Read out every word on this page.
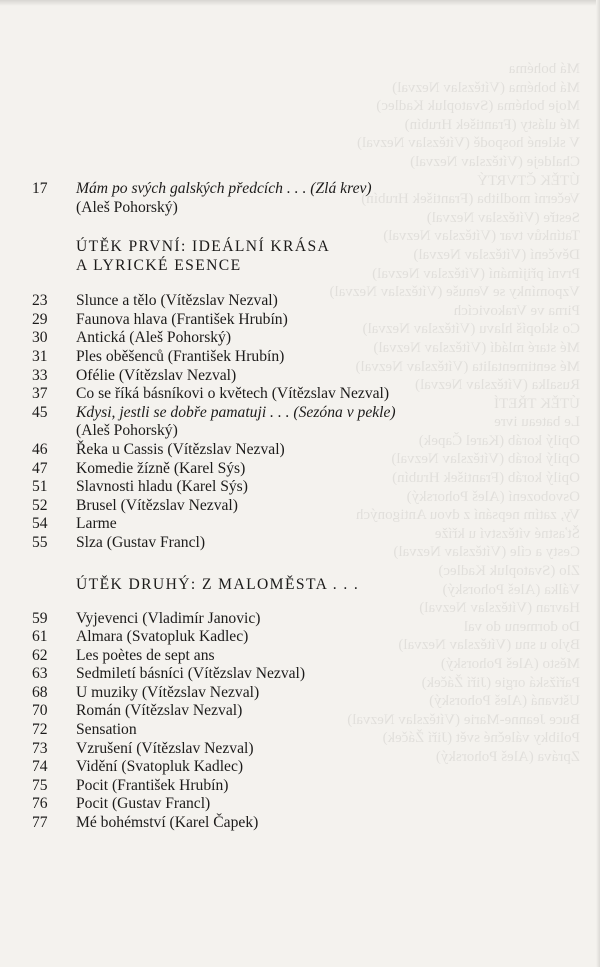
Má bohéma
Má bohéma (Vítězslav Nezval)
Moje bohéma (Svatopluk Kadlec)
Mé ulásty (František Hrubín)
V sklené hospodě (Vítězslav Nezval)
Chaldeje (Vítězslav Nezval)
ÚTĚK ČTVRTÝ
Večerní modlitba (František Hrubín)
Sestře (Vítězslav Nezval)
Tatínkův tvar (Vítězslav Nezval)
Děvčení (Vítězslav Nezval)
První přijímání (Vítězslav Nezval)
Vzpomínky se Venuše (Vítězslav Nezval)
Pirna ve Vrakovicích
Co sklopíš hlavu (Vítězslav Nezval)
Mé staré mládí (Vítězslav Nezval)
Mé sentimentalita (Vítězslav Nezval)
Rusalka (Vítězslav Nezval)
ÚTĚK TŘETÍ
Le bateau ivre
Opilý koráb (Karel Čapek)
Opilý koráb (Vítězslav Nezval)
Opilý koráb (František Hrubín)
Osvobození (Aleš Pohorský)
Vy, zatím nepsání z dvou Antigoných
Šťastné vítězství u kříže
Cesty a cíle (Vítězslav Nezval)
Zlo (Svatopluk Kadlec)
Válka (Aleš Pohorský)
Havran (Vítězslav Nezval)
Do dormenu do val
Bylo u snu (Vítězslav Nezval)
Město (Aleš Pohorský)
Pařížská orgie (Jiří Žáček)
Uštvaná (Aleš Pohorský)
Buce Jeanne-Marie (Vítězslav Nezval)
Polibky válečné svět (Jiří Žáček)
Zpráva (Aleš Pohorský)
17	Mám po svých galských předcích . . . (Zlá krev)
(Aleš Pohorský)
ÚTĚK PRVNÍ: IDEÁLNÍ KRÁSA
A LYRICKÉ ESENCE
23	Slunce a tělo (Vítězslav Nezval)
29	Faunova hlava (František Hrubín)
30	Antická (Aleš Pohorský)
31	Ples oběšenců (František Hrubín)
33	Ofélie (Vítězslav Nezval)
37	Co se říká básníkovi o květech (Vítězslav Nezval)
45	Kdysi, jestli se dobře pamatuji . . . (Sezóna v pekle)
(Aleš Pohorský)
46	Řeka u Cassis (Vítězslav Nezval)
47	Komedie žízně (Karel Sýs)
51	Slavnosti hladu (Karel Sýs)
52	Brusel (Vítězslav Nezval)
54	Larme
55	Slza (Gustav Francl)
ÚTĚK DRUHÝ: Z MALOMĚSTA . . .
59	Vyjevenci (Vladimír Janovic)
61	Almara (Svatopluk Kadlec)
62	Les poètes de sept ans
63	Sedmiletí básníci (Vítězslav Nezval)
68	U muziky (Vítězslav Nezval)
70	Román (Vítězslav Nezval)
72	Sensation
73	Vzrušení (Vítězslav Nezval)
74	Vidění (Svatopluk Kadlec)
75	Pocit (František Hrubín)
76	Pocit (Gustav Francl)
77	Mé bohémství (Karel Čapek)
